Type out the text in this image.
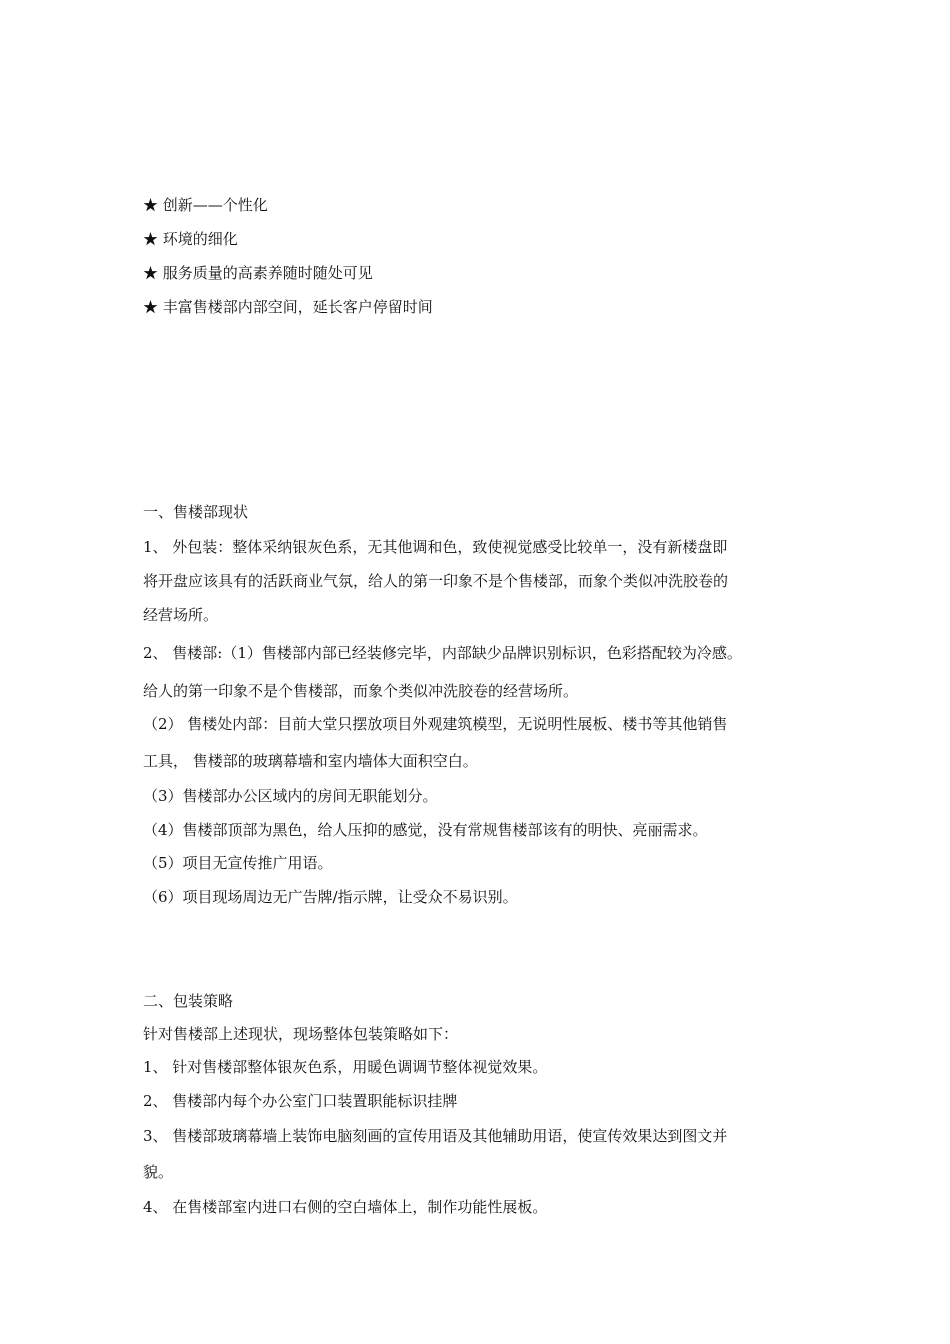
★ 创新——个性化
★ 环境的细化
★ 服务质量的高素养随时随处可见
★ 丰富售楼部内部空间，延长客户停留时间
一、售楼部现状
1、 外包装：整体采纳银灰色系，无其他调和色，致使视觉感受比较单一，没有新楼盘即
将开盘应该具有的活跃商业气氛，给人的第一印象不是个售楼部，而象个类似冲洗胶卷的
经营场所。
2、 售楼部:（1）售楼部内部已经装修完毕，内部缺少品牌识别标识，色彩搭配较为冷感。
给人的第一印象不是个售楼部，而象个类似冲洗胶卷的经营场所。
（2） 售楼处内部：目前大堂只摆放项目外观建筑模型，无说明性展板、楼书等其他销售
工具， 售楼部的玻璃幕墙和室内墙体大面积空白。
（3）售楼部办公区域内的房间无职能划分。
（4）售楼部顶部为黑色，给人压抑的感觉，没有常规售楼部该有的明快、亮丽需求。
（5）项目无宣传推广用语。
（6）项目现场周边无广告牌/指示牌，让受众不易识别。
二、包装策略
针对售楼部上述现状，现场整体包装策略如下：
1、 针对售楼部整体银灰色系，用暖色调调节整体视觉效果。
2、 售楼部内每个办公室门口装置职能标识挂牌
3、 售楼部玻璃幕墙上装饰电脑刻画的宣传用语及其他辅助用语，使宣传效果达到图文并
貌。
4、 在售楼部室内进口右侧的空白墙体上，制作功能性展板。
